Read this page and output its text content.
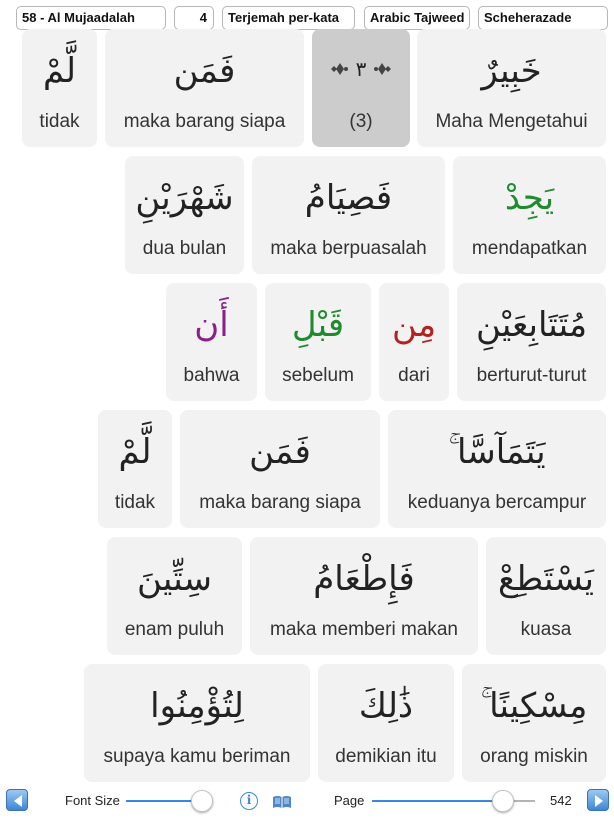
58 - Al Mujaadalah	4	Terjemah per-kata	Arabic Tajweed	Scheherazade
خَبِيرٌ
Maha Mengetahui
٣
(3)
فَمَن
maka barang siapa
لَّمْ
tidak
يَجِدْ
mendapatkan
فَصِيَامُ
maka berpuasalah
شَهْرَيْنِ
dua bulan
مُتَتَابِعَيْنِ
berturut-turut
مِن
dari
قَبْلِ
sebelum
أَن
bahwa
يَتَمَآسَّا ۚ
keduanya bercampur
فَمَن
maka barang siapa
لَّمْ
tidak
يَسْتَطِعْ
kuasa
فَإِطْعَامُ
maka memberi makan
سِتِّينَ
enam puluh
مِسْكِينًا ۚ
orang miskin
ذَٰلِكَ
demikian itu
لِتُؤْمِنُوا
supaya kamu beriman
Font Size	i	Page	542
